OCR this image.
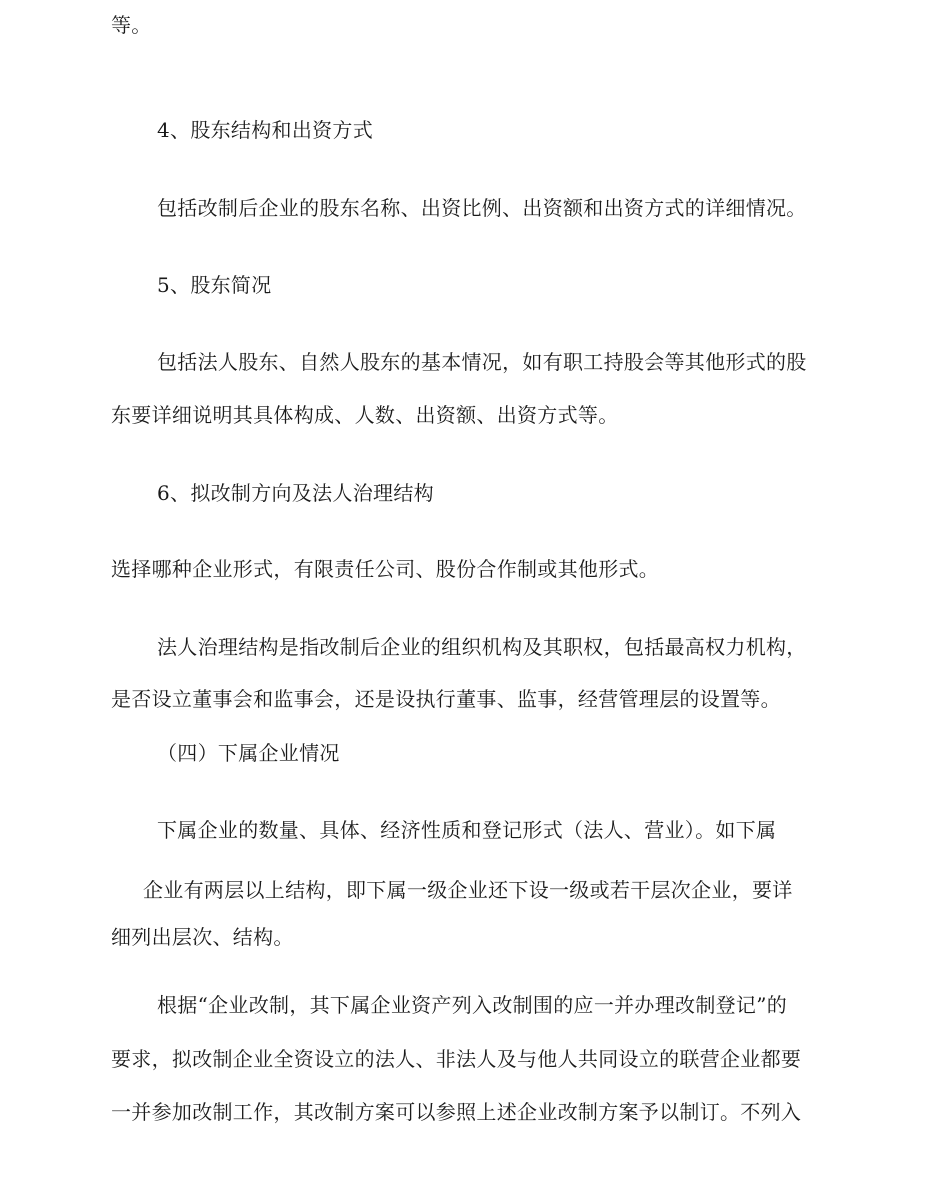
等。
4、股东结构和出资方式
包括改制后企业的股东名称、出资比例、出资额和出资方式的详细情况。
5、股东简况
包括法人股东、自然人股东的基本情况，如有职工持股会等其他形式的股
东要详细说明其具体构成、人数、出资额、出资方式等。
6、拟改制方向及法人治理结构
选择哪种企业形式，有限责任公司、股份合作制或其他形式。
法人治理结构是指改制后企业的组织机构及其职权，包括最高权力机构，
是否设立董事会和监事会，还是设执行董事、监事，经营管理层的设置等。
（四）下属企业情况
下属企业的数量、具体、经济性质和登记形式（法人、营业）。如下属
企业有两层以上结构，即下属一级企业还下设一级或若干层次企业，要详
细列出层次、结构。
根据“企业改制，其下属企业资产列入改制围的应一并办理改制登记”的
要求，拟改制企业全资设立的法人、非法人及与他人共同设立的联营企业都要
一并参加改制工作，其改制方案可以参照上述企业改制方案予以制订。不列入
